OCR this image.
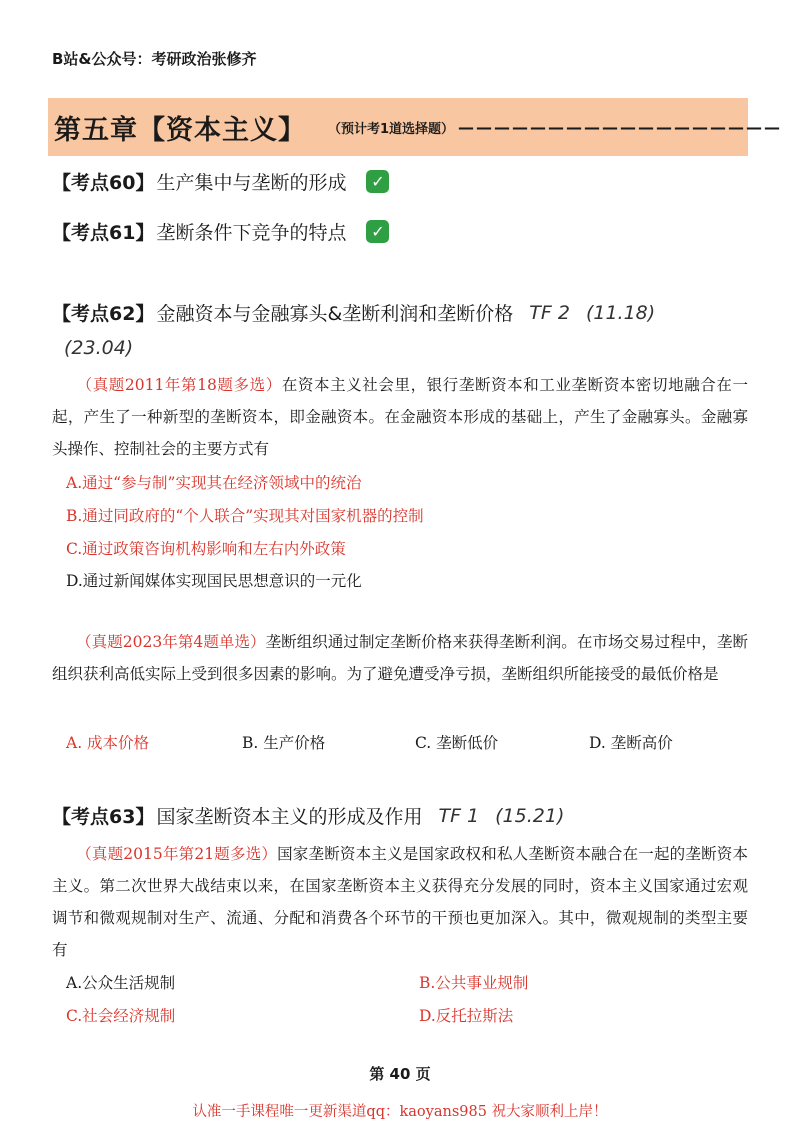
B站&公众号：考研政治张修齐
第五章【资本主义】 （预计考1道选择题） ——————————————————
【考点60】 生产集中与垄断的形成 ✓
【考点61】 垄断条件下竞争的特点 ✓
【考点62】 金融资本与金融寡头&垄断利润和垄断价格 TF 2 (11.18)
(23.04)
（真题2011年第18题多选）在资本主义社会里，银行垄断资本和工业垄断资本密切地融合在一起，产生了一种新型的垄断资本，即金融资本。在金融资本形成的基础上，产生了金融寡头。金融寡头操作、控制社会的主要方式有
A.通过“参与制”实现其在经济领域中的统治
B.通过同政府的“个人联合”实现其对国家机器的控制
C.通过政策咨询机构影响和左右内外政策
D.通过新闻媒体实现国民思想意识的一元化
（真题2023年第4题单选）垄断组织通过制定垄断价格来获得垄断利润。在市场交易过程中，垄断组织获利高低实际上受到很多因素的影响。为了避免遭受净亏损，垄断组织所能接受的最低价格是
A. 成本价格	B. 生产价格	C. 垄断低价	D. 垄断高价
【考点63】 国家垄断资本主义的形成及作用 TF 1 (15.21)
（真题2015年第21题多选）国家垄断资本主义是国家政权和私人垄断资本融合在一起的垄断资本主义。第二次世界大战结束以来，在国家垄断资本主义获得充分发展的同时，资本主义国家通过宏观调节和微观规制对生产、流通、分配和消费各个环节的干预也更加深入。其中，微观规制的类型主要有
A.公众生活规制	B.公共事业规制
C.社会经济规制	D.反托拉斯法
第 40 页
认准一手课程唯一更新渠道qq：kaoyans985 祝大家顺利上岸！
